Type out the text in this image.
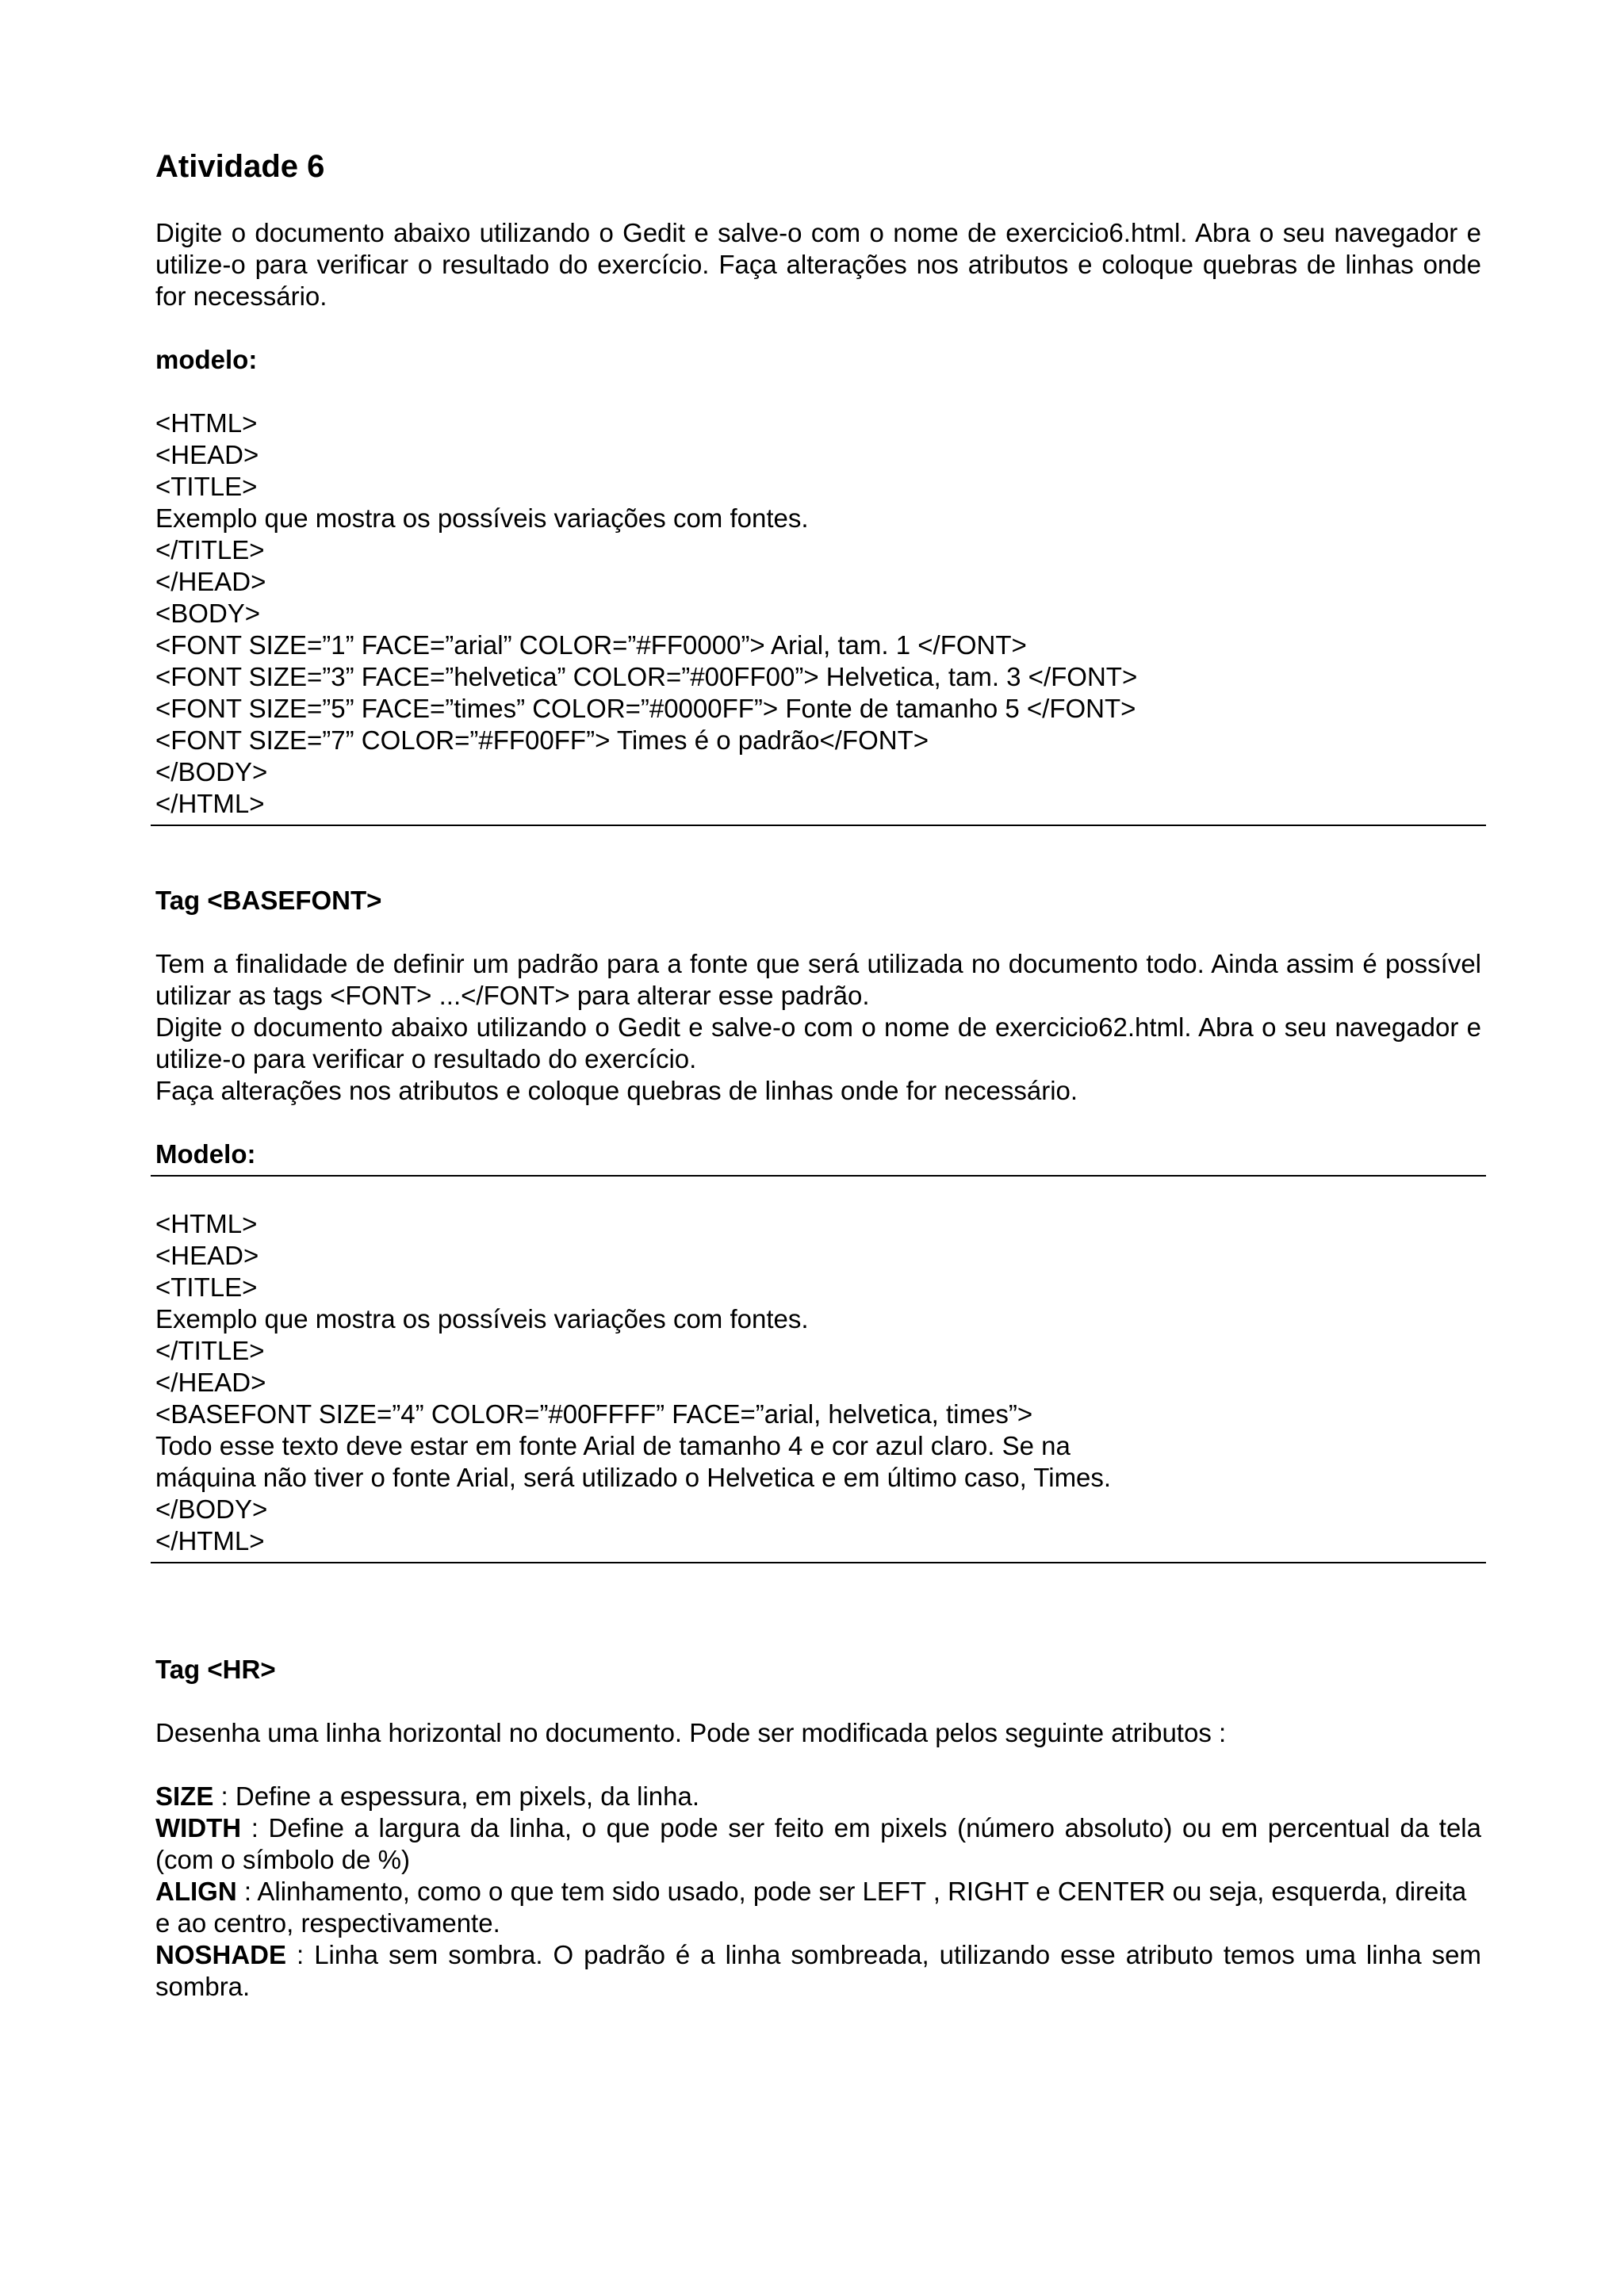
Atividade 6

Digite o documento abaixo utilizando o Gedit e salve-o com o nome de exercicio6.html. Abra o seu navegador e utilize-o para verificar o resultado do exercício. Faça alterações nos atributos e coloque quebras de linhas onde for necessário.

modelo:

<HTML>

<HEAD>

<TITLE>

Exemplo que mostra os possíveis variações com fontes.

</TITLE>

</HEAD>

<BODY>

<FONT SIZE=”1” FACE=”arial” COLOR=”#FF0000”> Arial, tam. 1 </FONT>

<FONT SIZE=”3” FACE=”helvetica” COLOR=”#00FF00”> Helvetica, tam. 3 </FONT>

<FONT SIZE=”5” FACE=”times” COLOR=”#0000FF”> Fonte de tamanho 5 </FONT>

<FONT SIZE=”7” COLOR=”#FF00FF”> Times é o padrão</FONT>

</BODY>

</HTML>

Tag <BASEFONT>

Tem a finalidade de definir um padrão para a fonte que será utilizada no documento todo. Ainda assim é possível utilizar as tags <FONT> ...</FONT> para alterar esse padrão.

Digite o documento abaixo utilizando o Gedit e salve-o com o nome de exercicio62.html. Abra o seu navegador e utilize-o para verificar o resultado do exercício.

Faça alterações nos atributos e coloque quebras de linhas onde for necessário.

Modelo:

<HTML>

<HEAD>

<TITLE>

Exemplo que mostra os possíveis variações com fontes.

</TITLE>

</HEAD>

<BASEFONT SIZE=”4” COLOR=”#00FFFF” FACE=”arial, helvetica, times”>

Todo esse texto deve estar em fonte Arial de tamanho 4 e cor azul claro. Se na

máquina não tiver o fonte Arial, será utilizado o Helvetica e em último caso, Times.

</BODY>

</HTML>

Tag <HR>

Desenha uma linha horizontal no documento. Pode ser modificada pelos seguinte atributos :

SIZE : Define a espessura, em pixels, da linha.

WIDTH : Define a largura da linha, o que pode ser feito em pixels (número absoluto) ou em percentual da tela (com o símbolo de %)

ALIGN : Alinhamento, como o que tem sido usado, pode ser LEFT , RIGHT e CENTER ou seja, esquerda, direita e ao centro, respectivamente.

NOSHADE : Linha sem sombra. O padrão é a linha sombreada, utilizando esse atributo temos uma linha sem sombra.
